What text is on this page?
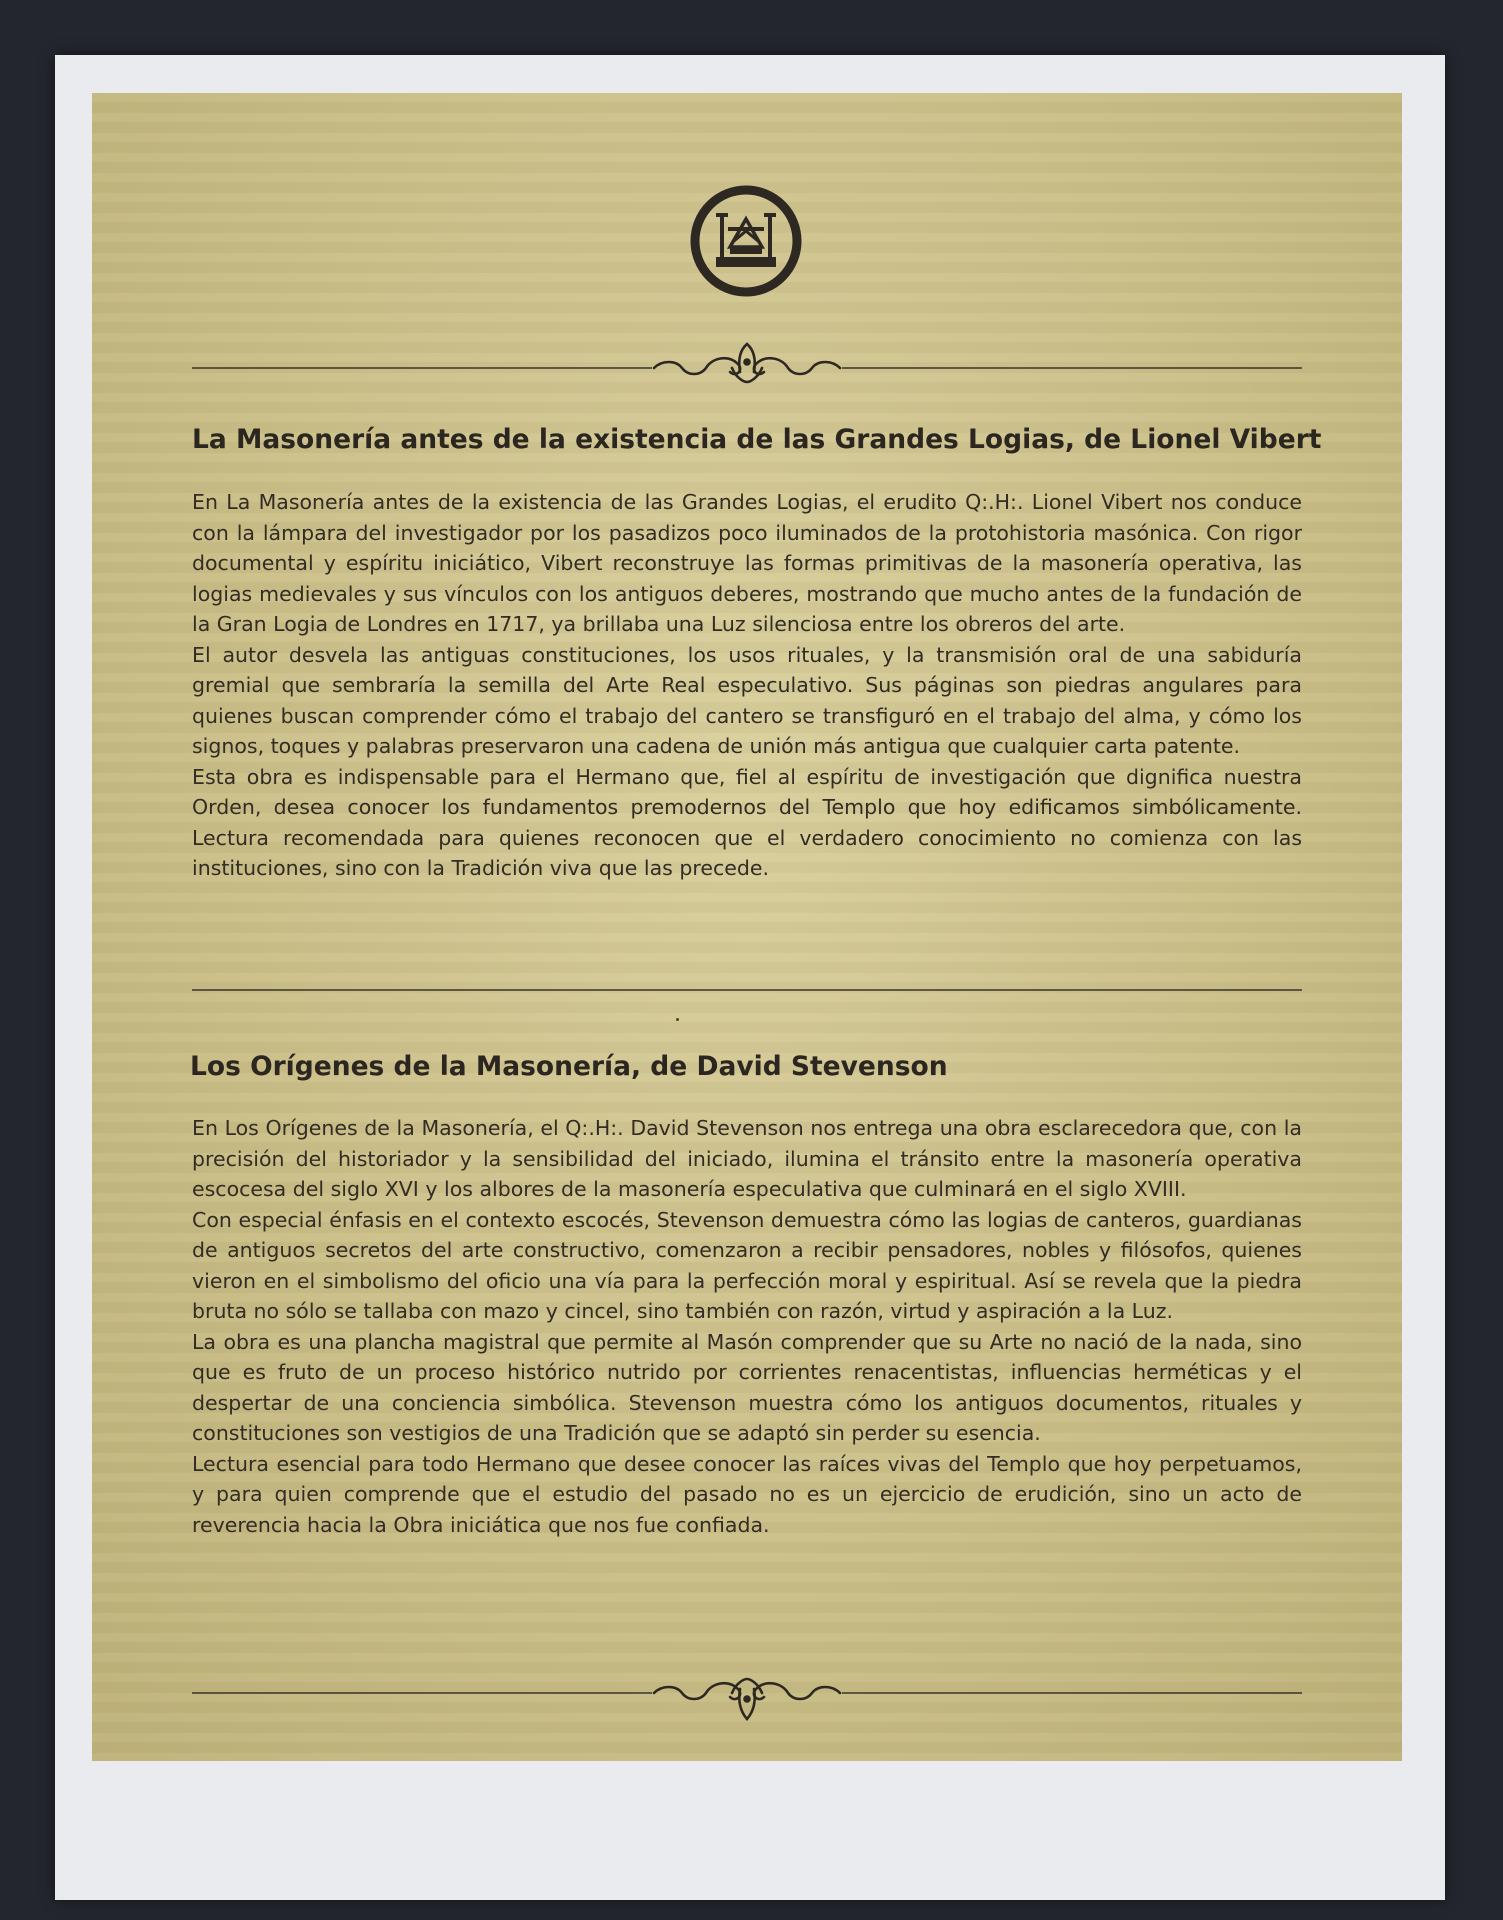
La Masonería antes de la existencia de las Grandes Logias, de Lionel Vibert

En La Masonería antes de la existencia de las Grandes Logias, el erudito Q:.H:. Lionel Vibert nos conduce con la lámpara del investigador por los pasadizos poco iluminados de la protohistoria masónica. Con rigor documental y espíritu iniciático, Vibert reconstruye las formas primitivas de la masonería operativa, las logias medievales y sus vínculos con los antiguos deberes, mostrando que mucho antes de la fundación de la Gran Logia de Londres en 1717, ya brillaba una Luz silenciosa entre los obreros del arte.

El autor desvela las antiguas constituciones, los usos rituales, y la transmisión oral de una sabiduría gremial que sembraría la semilla del Arte Real especulativo. Sus páginas son piedras angulares para quienes buscan comprender cómo el trabajo del cantero se transfiguró en el trabajo del alma, y cómo los signos, toques y palabras preservaron una cadena de unión más antigua que cualquier carta patente.

Esta obra es indispensable para el Hermano que, fiel al espíritu de investigación que dignifica nuestra Orden, desea conocer los fundamentos premodernos del Templo que hoy edificamos simbólicamente. Lectura recomendada para quienes reconocen que el verdadero conocimiento no comienza con las instituciones, sino con la Tradición viva que las precede.

Los Orígenes de la Masonería, de David Stevenson

En Los Orígenes de la Masonería, el Q:.H:. David Stevenson nos entrega una obra esclarecedora que, con la precisión del historiador y la sensibilidad del iniciado, ilumina el tránsito entre la masonería operativa escocesa del siglo XVI y los albores de la masonería especulativa que culminará en el siglo XVIII.

Con especial énfasis en el contexto escocés, Stevenson demuestra cómo las logias de canteros, guardianas de antiguos secretos del arte constructivo, comenzaron a recibir pensadores, nobles y filósofos, quienes vieron en el simbolismo del oficio una vía para la perfección moral y espiritual. Así se revela que la piedra bruta no sólo se tallaba con mazo y cincel, sino también con razón, virtud y aspiración a la Luz.

La obra es una plancha magistral que permite al Masón comprender que su Arte no nació de la nada, sino que es fruto de un proceso histórico nutrido por corrientes renacentistas, influencias herméticas y el despertar de una conciencia simbólica. Stevenson muestra cómo los antiguos documentos, rituales y constituciones son vestigios de una Tradición que se adaptó sin perder su esencia.

Lectura esencial para todo Hermano que desee conocer las raíces vivas del Templo que hoy perpetuamos, y para quien comprende que el estudio del pasado no es un ejercicio de erudición, sino un acto de reverencia hacia la Obra iniciática que nos fue confiada.
